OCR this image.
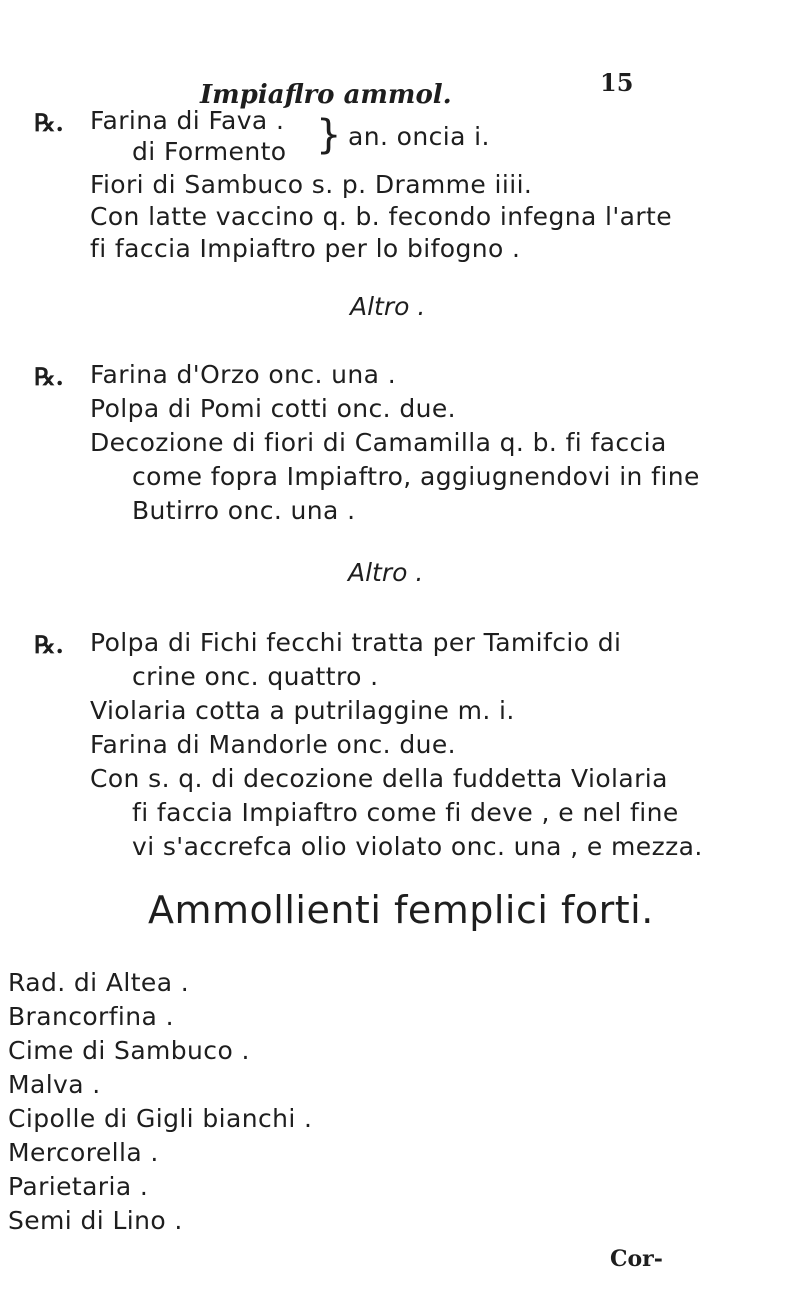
Impiaflro ammol.	15
℞. Farina di Fava .
di Formento } an. oncia i.
Fiori di Sambuco s. p. Dramme iiii.
Con latte vaccino q. b. fecondo infegna l'arte
fi faccia Impiaftro per lo bifogno .
Altro .
℞. Farina d'Orzo onc. una .
Polpa di Pomi cotti onc. due.
Decozione di fiori di Camamilla q. b. fi faccia
come fopra Impiaftro, aggiugnendovi in fine
Butirro onc. una .
Altro .
℞. Polpa di Fichi fecchi tratta per Tamifcio di
crine onc. quattro .
Violaria cotta a putrilaggine m. i.
Farina di Mandorle onc. due.
Con s. q. di decozione della fuddetta Violaria
fi faccia Impiaftro come fi deve , e nel fine
vi s'accrefca olio violato onc. una , e mezza.
Ammollienti femplici forti.
Rad. di Altea .
Brancorfina .
Cime di Sambuco .
Malva .
Cipolle di Gigli bianchi .
Mercorella .
Parietaria .
Semi di Lino .
Cor-
